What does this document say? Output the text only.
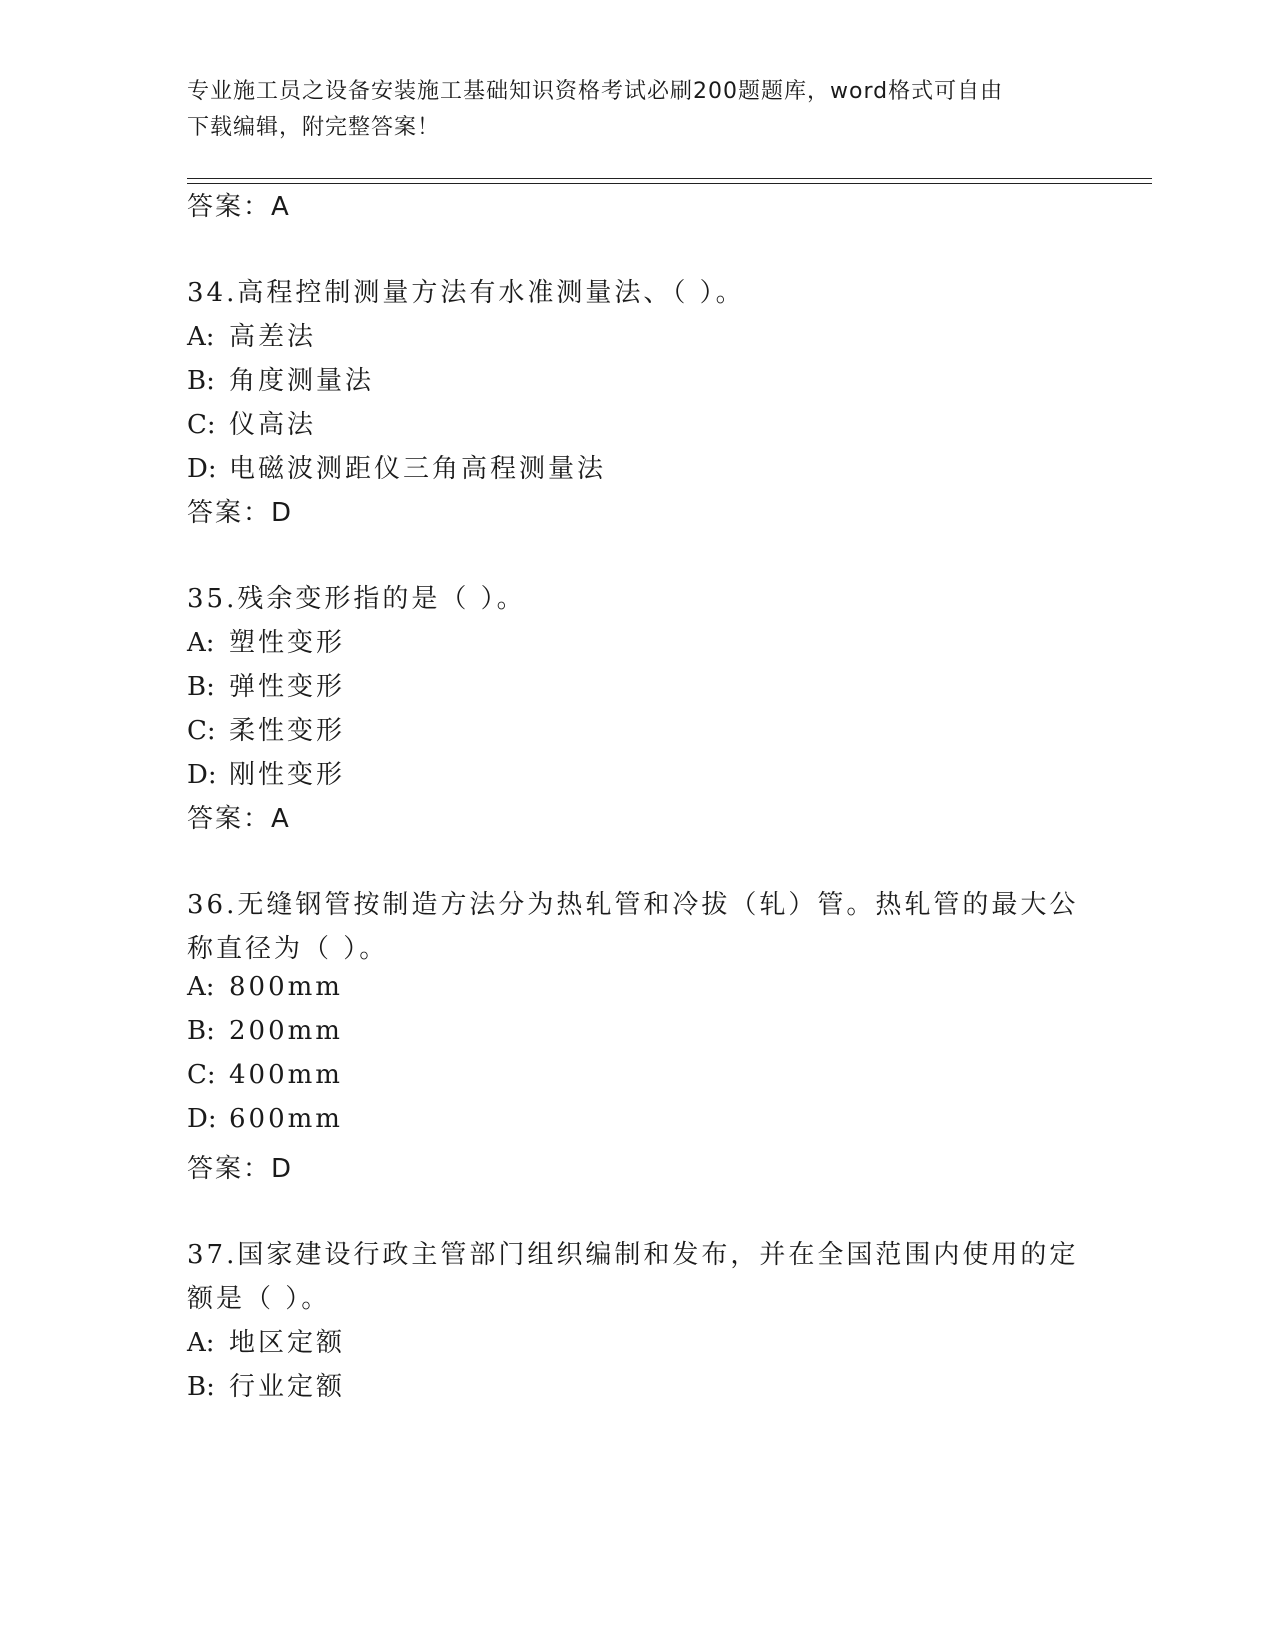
专业施工员之设备安装施工基础知识资格考试必刷200题题库，word格式可自由
下载编辑，附完整答案！
答案：A
34.高程控制测量方法有水准测量法、（ ）。
A: 高差法
B: 角度测量法
C: 仪高法
D: 电磁波测距仪三角高程测量法
答案：D
35.残余变形指的是（ ）。
A: 塑性变形
B: 弹性变形
C: 柔性变形
D: 刚性变形
答案：A
36.无缝钢管按制造方法分为热轧管和冷拔（轧）管。热轧管的最大公
称直径为（ ）。
A: 800mm
B: 200mm
C: 400mm
D: 600mm
答案：D
37.国家建设行政主管部门组织编制和发布，并在全国范围内使用的定
额是（ ）。
A: 地区定额
B: 行业定额
